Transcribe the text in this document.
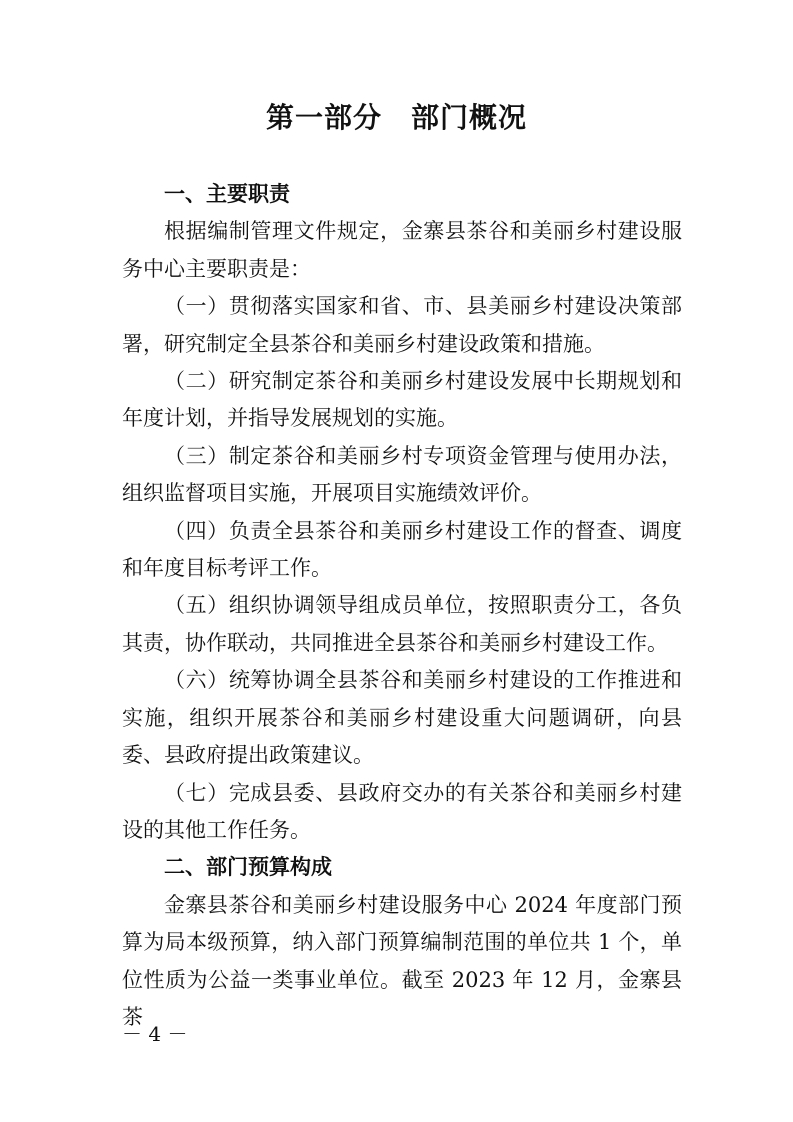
第一部分　部门概况
一、主要职责

根据编制管理文件规定，金寨县茶谷和美丽乡村建设服务中心主要职责是：

（一）贯彻落实国家和省、市、县美丽乡村建设决策部署，研究制定全县茶谷和美丽乡村建设政策和措施。

（二）研究制定茶谷和美丽乡村建设发展中长期规划和年度计划，并指导发展规划的实施。

（三）制定茶谷和美丽乡村专项资金管理与使用办法，组织监督项目实施，开展项目实施绩效评价。

（四）负责全县茶谷和美丽乡村建设工作的督查、调度和年度目标考评工作。

（五）组织协调领导组成员单位，按照职责分工，各负其责，协作联动，共同推进全县茶谷和美丽乡村建设工作。

（六）统筹协调全县茶谷和美丽乡村建设的工作推进和实施，组织开展茶谷和美丽乡村建设重大问题调研，向县委、县政府提出政策建议。

（七）完成县委、县政府交办的有关茶谷和美丽乡村建设的其他工作任务。

二、部门预算构成

金寨县茶谷和美丽乡村建设服务中心 2024 年度部门预算为局本级预算，纳入部门预算编制范围的单位共 1 个，单位性质为公益一类事业单位。截至 2023 年 12 月，金寨县茶

－ 4 －
